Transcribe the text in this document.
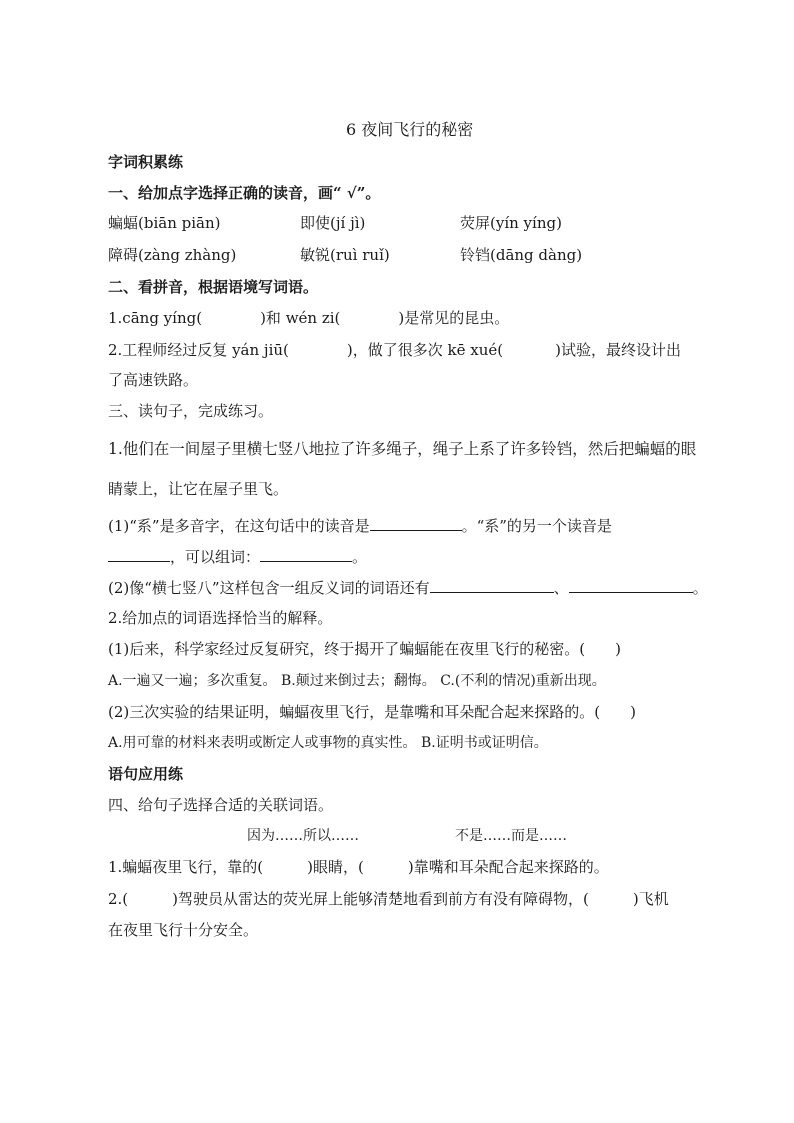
6 夜间飞行的秘密
字词积累练
一、给加点字选择正确的读音，画“ √”。
蝙蝠(biān piān)	即使(jí jì)	荧屏(yín yíng)
障碍(zàng zhàng)	敏锐(ruì ruǐ)	铃铛(dāng dàng)
二、看拼音，根据语境写词语。
1.cāng yíng(	)和 wén zi(	)是常见的昆虫。
2.工程师经过反复 yán jiū(	)，做了很多次 kē xué(	)试验，最终设计出
了高速铁路。
三、读句子，完成练习。
1.他们在一间屋子里横七竖八地拉了许多绳子，绳子上系了许多铃铛，然后把蝙蝠的眼
睛蒙上，让它在屋子里飞。
(1)“系”是多音字，在这句话中的读音是	。“系”的另一个读音是
，可以组词：	。
(2)像“横七竖八”这样包含一组反义词的词语还有	、	。
2.给加点的词语选择恰当的解释。
(1)后来，科学家经过反复研究，终于揭开了蝙蝠能在夜里飞行的秘密。( )
A.一遍又一遍；多次重复。 B.颠过来倒过去；翻悔。 C.(不利的情况)重新出现。
(2)三次实验的结果证明，蝙蝠夜里飞行，是靠嘴和耳朵配合起来探路的。( )
A.用可靠的材料来表明或断定人或事物的真实性。 B.证明书或证明信。
语句应用练
四、给句子选择合适的关联词语。
因为……所以……	不是……而是……
1.蝙蝠夜里飞行，靠的(	)眼睛，(	)靠嘴和耳朵配合起来探路的。
2.(	)驾驶员从雷达的荧光屏上能够清楚地看到前方有没有障碍物，(	)飞机
在夜里飞行十分安全。
